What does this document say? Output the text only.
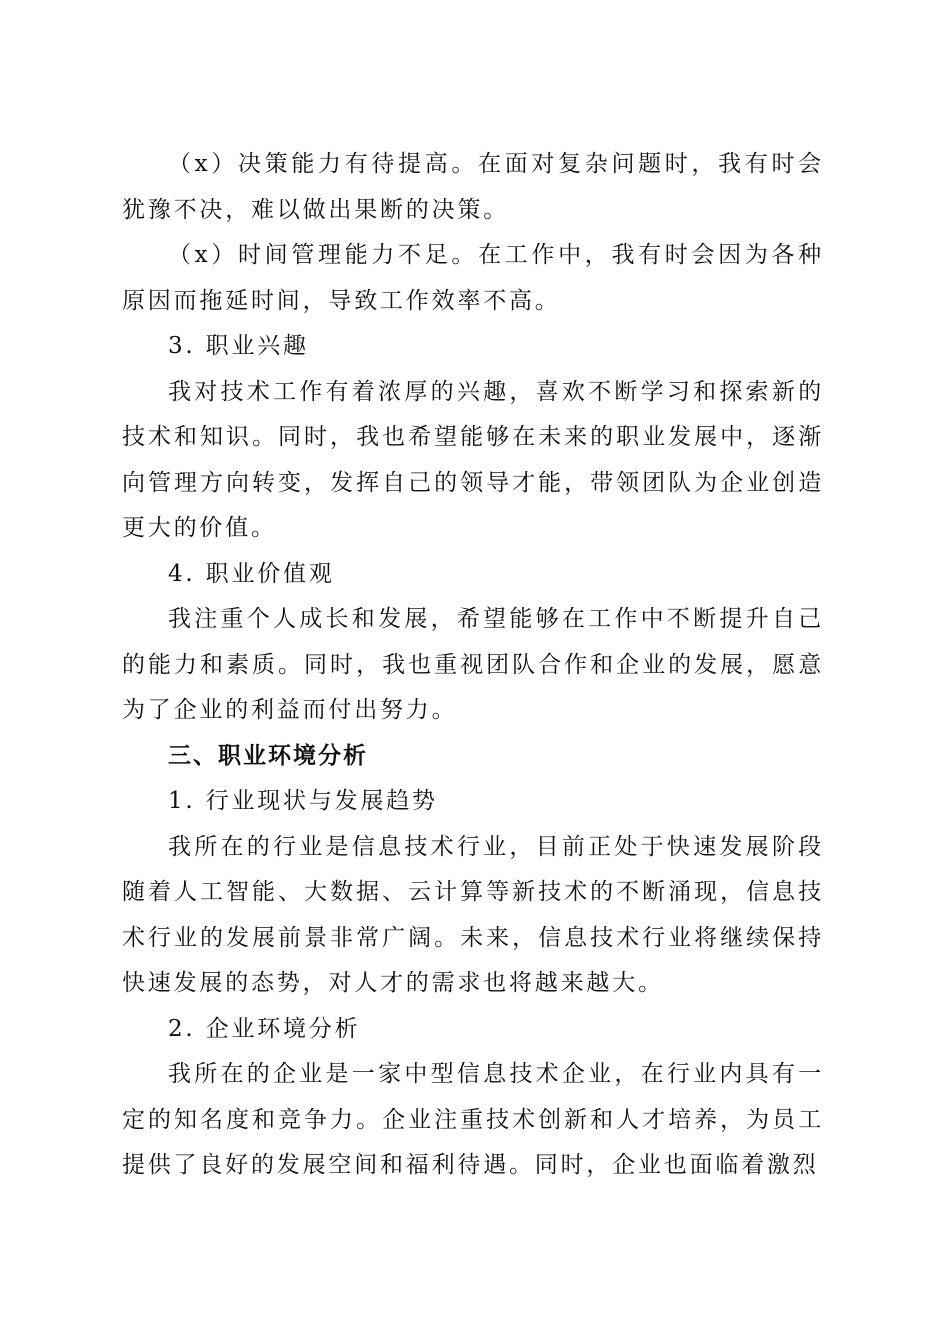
（x）决策能力有待提高。在面对复杂问题时，我有时会犹豫不决，难以做出果断的决策。

（x）时间管理能力不足。在工作中，我有时会因为各种原因而拖延时间，导致工作效率不高。

3. 职业兴趣

我对技术工作有着浓厚的兴趣，喜欢不断学习和探索新的技术和知识。同时，我也希望能够在未来的职业发展中，逐渐向管理方向转变，发挥自己的领导才能，带领团队为企业创造更大的价值。

4. 职业价值观

我注重个人成长和发展，希望能够在工作中不断提升自己的能力和素质。同时，我也重视团队合作和企业的发展，愿意为了企业的利益而付出努力。

三、职业环境分析

1. 行业现状与发展趋势

我所在的行业是信息技术行业，目前正处于快速发展阶段随着人工智能、大数据、云计算等新技术的不断涌现，信息技术行业的发展前景非常广阔。未来，信息技术行业将继续保持快速发展的态势，对人才的需求也将越来越大。

2. 企业环境分析

我所在的企业是一家中型信息技术企业，在行业内具有一定的知名度和竞争力。企业注重技术创新和人才培养，为员工提供了良好的发展空间和福利待遇。同时，企业也面临着激烈
